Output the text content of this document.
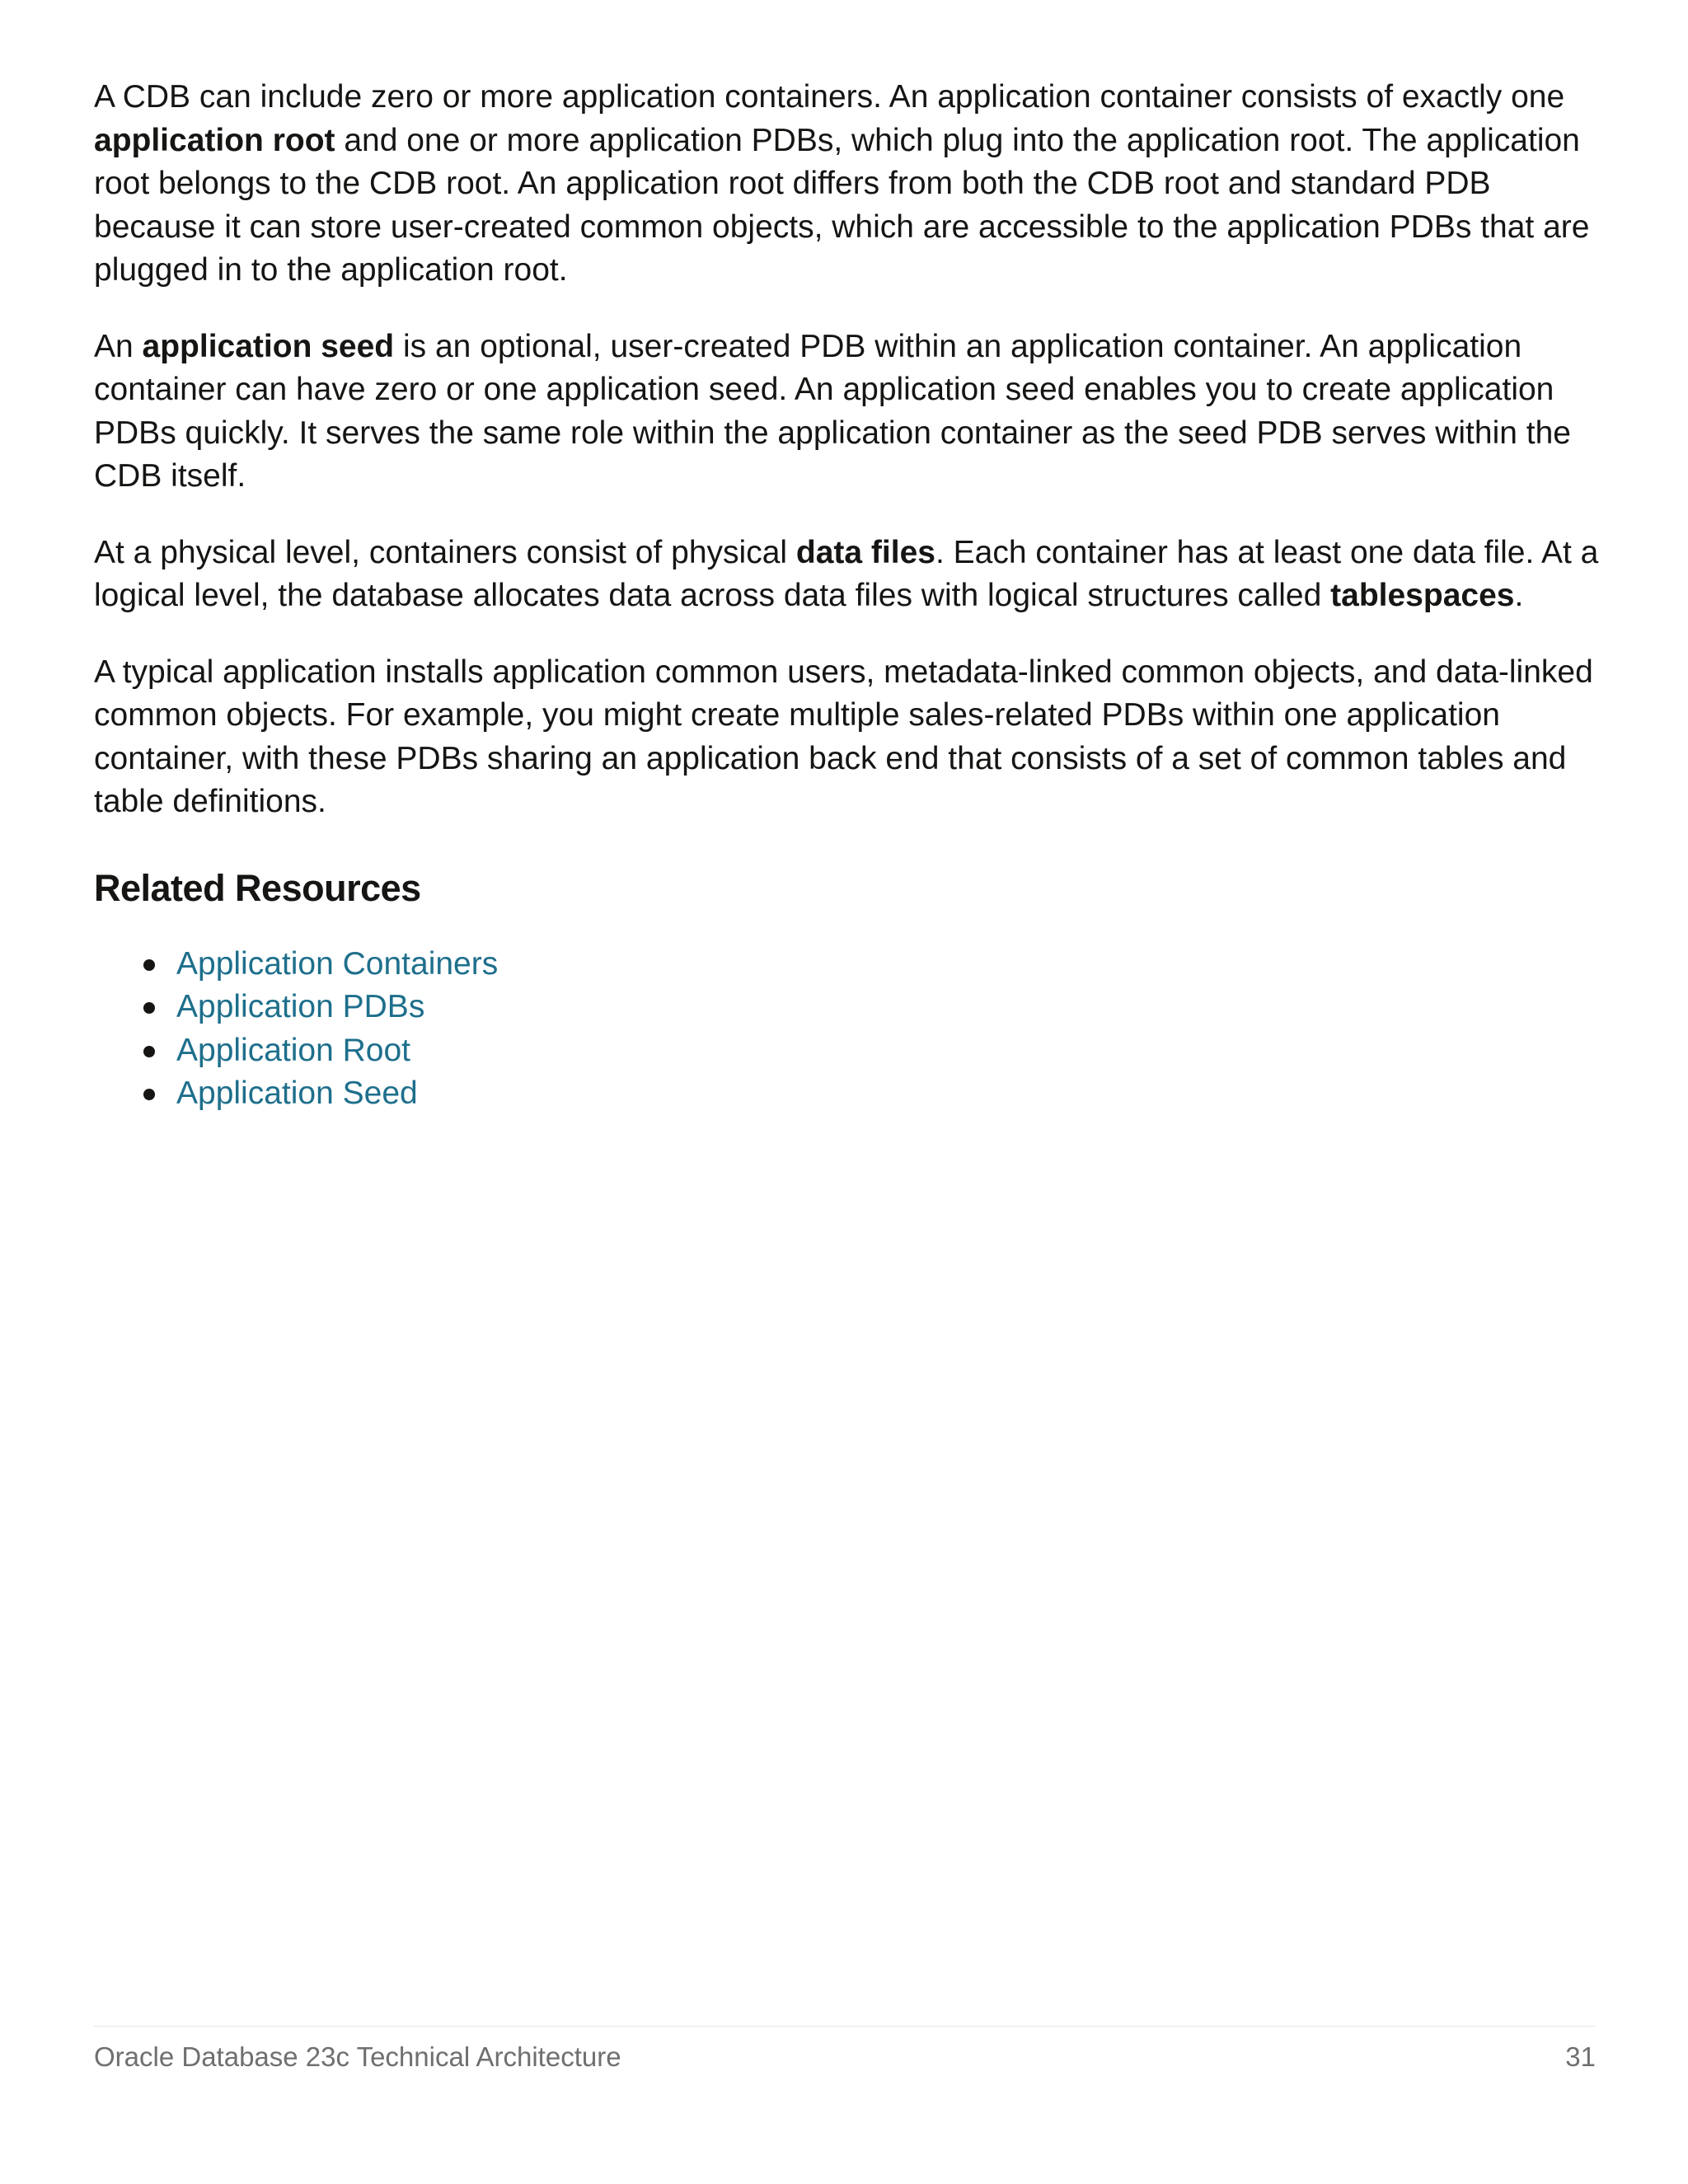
A CDB can include zero or more application containers. An application container consists of exactly one application root and one or more application PDBs, which plug into the application root. The application root belongs to the CDB root. An application root differs from both the CDB root and standard PDB because it can store user-created common objects, which are accessible to the application PDBs that are plugged in to the application root.

An application seed is an optional, user-created PDB within an application container. An application container can have zero or one application seed. An application seed enables you to create application PDBs quickly. It serves the same role within the application container as the seed PDB serves within the CDB itself.

At a physical level, containers consist of physical data files. Each container has at least one data file. At a logical level, the database allocates data across data files with logical structures called tablespaces.

A typical application installs application common users, metadata-linked common objects, and data-linked common objects. For example, you might create multiple sales-related PDBs within one application container, with these PDBs sharing an application back end that consists of a set of common tables and table definitions.

Related Resources
Application Containers
Application PDBs
Application Root
Application Seed
Oracle Database 23c Technical Architecture	31
